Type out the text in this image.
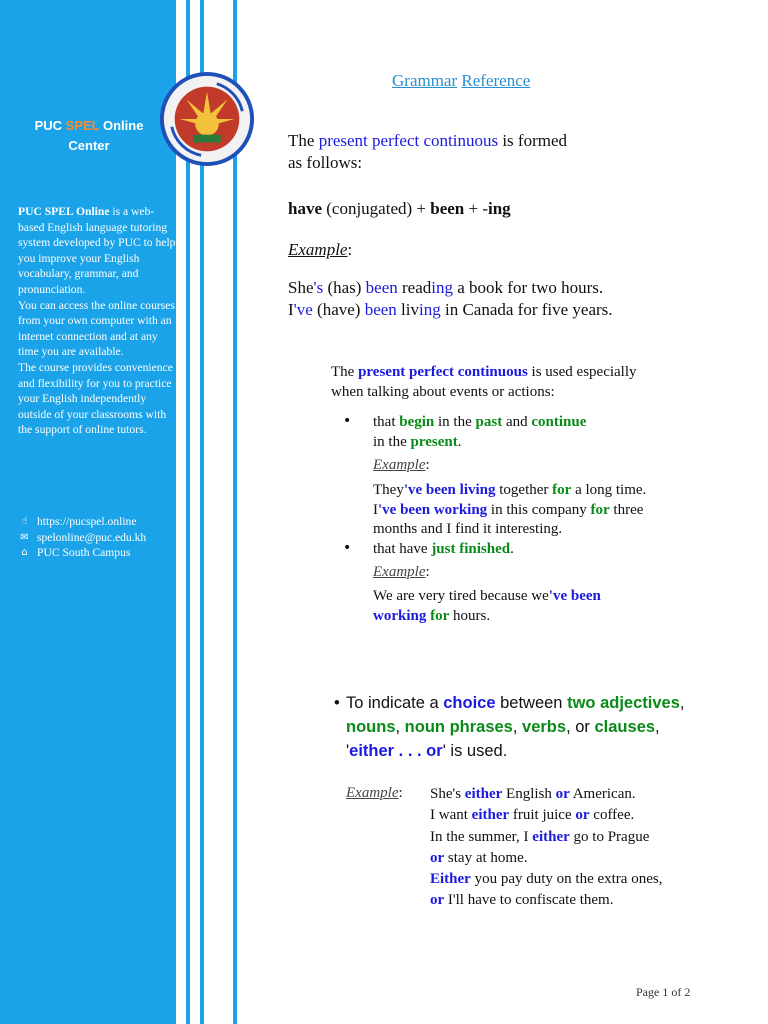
PUC SPEL Online
Center
PUC SPEL Online is a web-based English language tutoring system developed by PUC to help you improve your English vocabulary, grammar, and pronunciation.
You can access the online courses from your own computer with an internet connection and at any time you are available.
The course provides convenience and flexibility for you to practice your English independently outside of your classrooms with the support of online tutors.
☝ https://pucspel.online
✉ spelonline@puc.edu.kh
⌂ PUC South Campus
Grammar Reference
The present perfect continuous is formed
as follows:
have (conjugated) + been + -ing
Example:
She's (has) been reading a book for two hours.
I've (have) been living in Canada for five years.
The present perfect continuous is used especially
when talking about events or actions:
• that begin in the past and continue
in the present.
Example:
They've been living together for a long time.
I've been working in this company for three
months and I find it interesting.
• that have just finished.
Example:
We are very tired because we've been
working for hours.
• To indicate a choice between two adjectives,
nouns, noun phrases, verbs, or clauses,
'either . . . or' is used.
Example: She's either English or American.
I want either fruit juice or coffee.
In the summer, I either go to Prague
or stay at home.
Either you pay duty on the extra ones,
or I'll have to confiscate them.
Page 1 of 2
